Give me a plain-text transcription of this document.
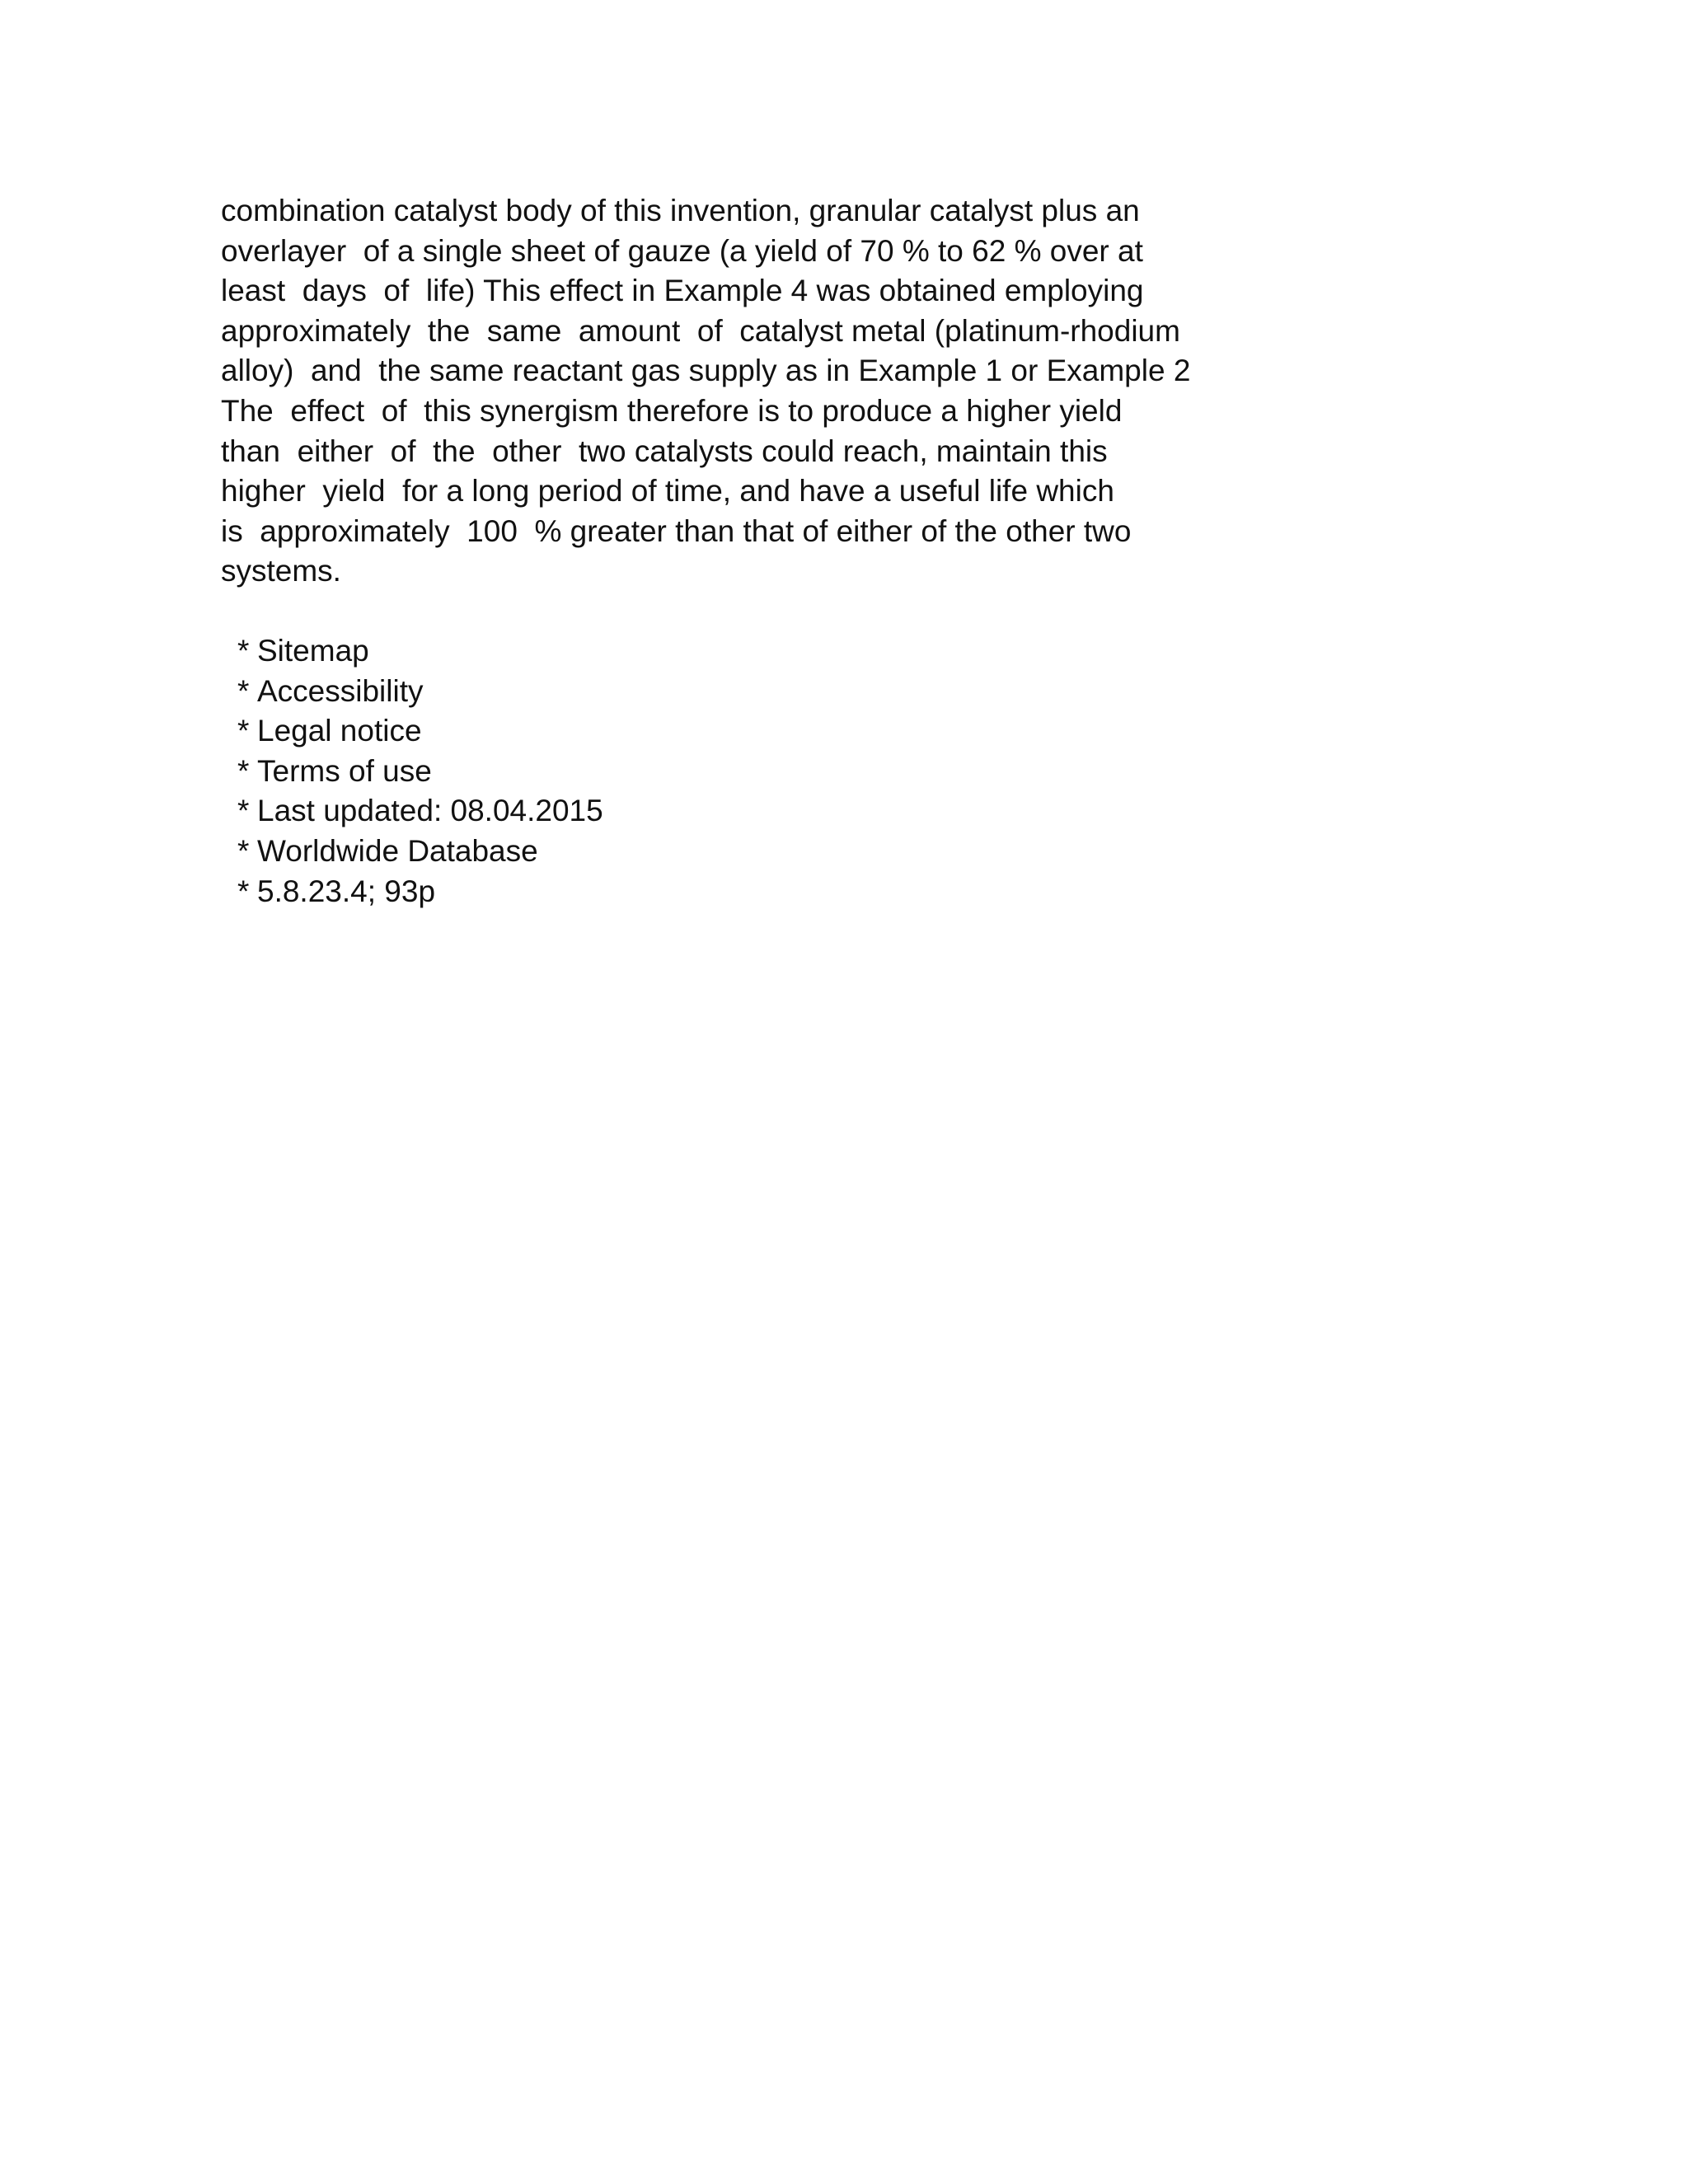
combination catalyst body of this invention, granular catalyst plus an
overlayer  of a single sheet of gauze (a yield of 70 % to 62 % over at
least  days  of  life) This effect in Example 4 was obtained employing
approximately  the  same  amount  of  catalyst metal (platinum-rhodium
alloy)  and  the same reactant gas supply as in Example 1 or Example 2
The  effect  of  this synergism therefore is to produce a higher yield
than  either  of  the  other  two catalysts could reach, maintain this
higher  yield  for a long period of time, and have a useful life which
is  approximately  100  % greater than that of either of the other two
systems.

* Sitemap
* Accessibility
* Legal notice
* Terms of use
* Last updated: 08.04.2015
* Worldwide Database
* 5.8.23.4; 93p
